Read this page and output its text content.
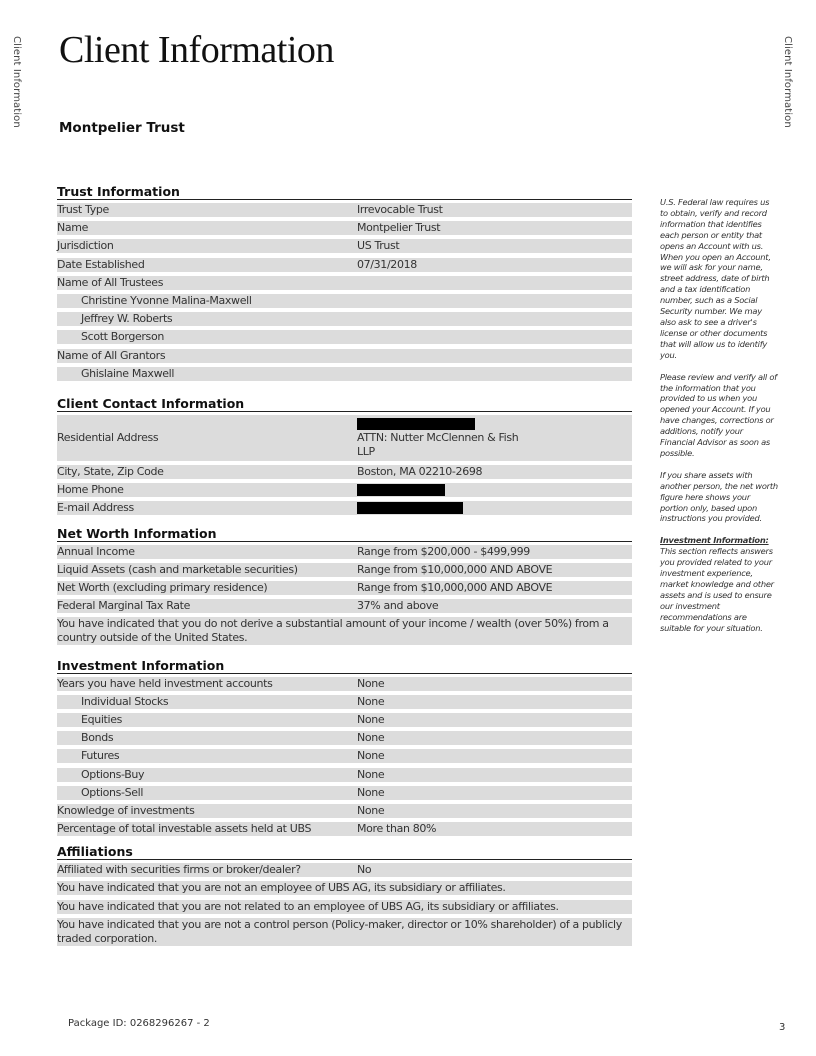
Client Information	Client Information
Client Information
Montpelier Trust
Trust Information
Trust Type	Irrevocable Trust
Name	Montpelier Trust
Jurisdiction	US Trust
Date Established	07/31/2018
Name of All Trustees
Christine Yvonne Malina-Maxwell
Jeffrey W. Roberts
Scott Borgerson
Name of All Grantors
Ghislaine Maxwell
Client Contact Information
Residential Address	ATTN: Nutter McClennen & Fish
LLP
City, State, Zip Code	Boston, MA 02210-2698
Home Phone
E-mail Address
Net Worth Information
Annual Income	Range from $200,000 - $499,999
Liquid Assets (cash and marketable securities)	Range from $10,000,000 AND ABOVE
Net Worth (excluding primary residence)	Range from $10,000,000 AND ABOVE
Federal Marginal Tax Rate	37% and above
You have indicated that you do not derive a substantial amount of your income / wealth (over 50%) from a country outside of the United States.
Investment Information
Years you have held investment accounts	None
Individual Stocks	None
Equities	None
Bonds	None
Futures	None
Options-Buy	None
Options-Sell	None
Knowledge of investments	None
Percentage of total investable assets held at UBS	More than 80%
Affiliations
Affiliated with securities firms or broker/dealer?	No
You have indicated that you are not an employee of UBS AG, its subsidiary or affiliates.
You have indicated that you are not related to an employee of UBS AG, its subsidiary or affiliates.
You have indicated that you are not a control person (Policy-maker, director or 10% shareholder) of a publicly traded corporation.

U.S. Federal law requires us to obtain, verify and record information that identifies each person or entity that opens an Account with us. When you open an Account, we will ask for your name, street address, date of birth and a tax identification number, such as a Social Security number. We may also ask to see a driver's license or other documents that will allow us to identify you.

Please review and verify all of the information that you provided to us when you opened your Account. If you have changes, corrections or additions, notify your Financial Advisor as soon as possible.

If you share assets with another person, the net worth figure here shows your portion only, based upon instructions you provided.

Investment Information:
This section reflects answers you provided related to your investment experience, market knowledge and other assets and is used to ensure our investment recommendations are suitable for your situation.

Package ID: 0268296267 - 2	3
